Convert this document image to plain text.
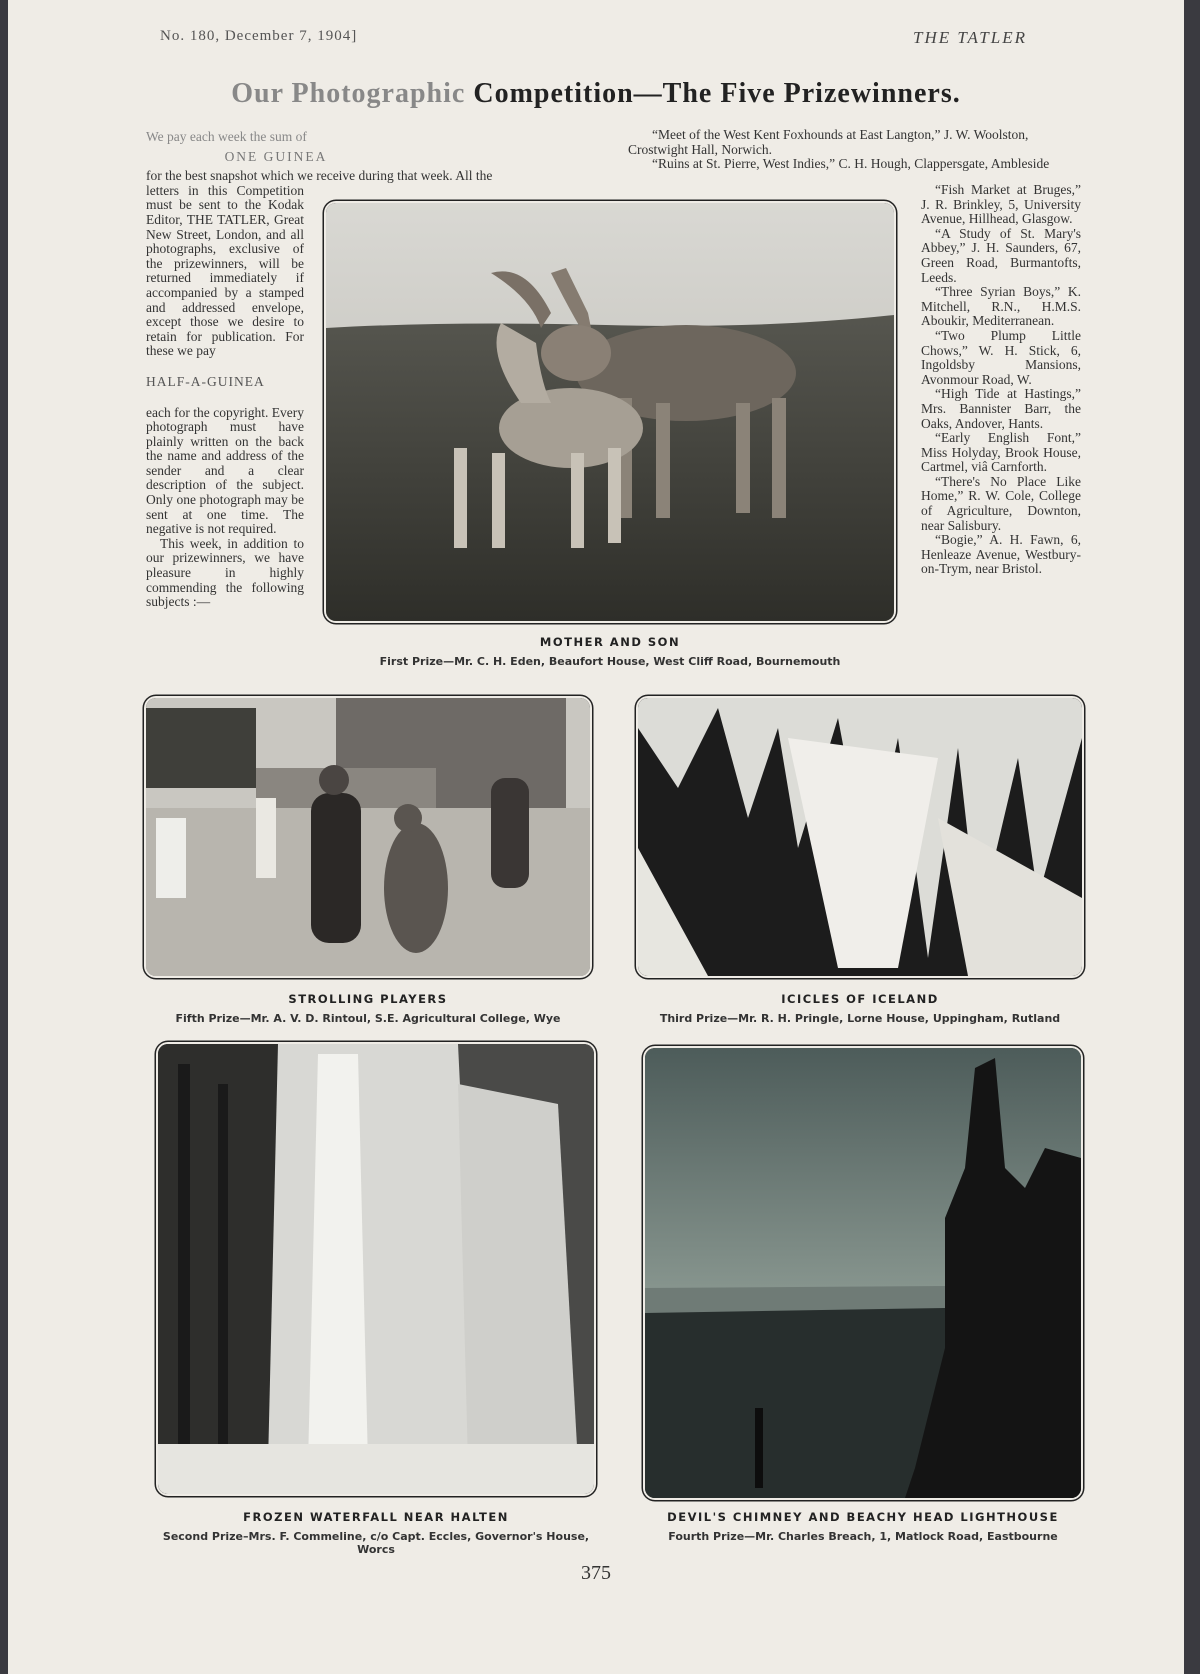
No. 180, December 7, 1904]	THE TATLER
Our Photographic Competition—The Five Prizewinners.

We pay each week the sum of

ONE GUINEA

for the best snapshot which we receive during that week. All the

letters in this Competition must be sent to the Kodak Editor, THE TATLER, Great New Street, London, and all photographs, exclusive of the prizewinners, will be returned immediately if accompanied by a stamped and addressed envelope, except those we desire to retain for publication. For these we pay

HALF-A-GUINEA

each for the copyright. Every photograph must have plainly written on the back the name and address of the sender and a clear description of the subject. Only one photograph may be sent at one time. The negative is not required.

This week, in addition to our prizewinners, we have pleasure in highly commending the following subjects :—

“Meet of the West Kent Foxhounds at East Langton,” J. W. Woolston, Crostwight Hall, Norwich.

“Ruins at St. Pierre, West Indies,” C. H. Hough, Clappersgate, Ambleside

“Fish Market at Bruges,” J. R. Brinkley, 5, University Avenue, Hillhead, Glasgow.

“A Study of St. Mary's Abbey,” J. H. Saunders, 67, Green Road, Burmantofts, Leeds.

“Three Syrian Boys,” K. Mitchell, R.N., H.M.S. Aboukir, Mediterranean.

“Two Plump Little Chows,” W. H. Stick, 6, Ingoldsby Mansions, Avonmour Road, W.

“High Tide at Hastings,” Mrs. Bannister Barr, the Oaks, Andover, Hants.

“Early English Font,” Miss Holyday, Brook House, Cartmel, viâ Carnforth.

“There's No Place Like Home,” R. W. Cole, College of Agriculture, Downton, near Salisbury.

“Bogie,” A. H. Fawn, 6, Henleaze Avenue, Westbury-on-Trym, near Bristol.

MOTHER AND SON
First Prize—Mr. C. H. Eden, Beaufort House, West Cliff Road, Bournemouth
STROLLING PLAYERS
Fifth Prize—Mr. A. V. D. Rintoul, S.E. Agricultural College, Wye
ICICLES OF ICELAND
Third Prize—Mr. R. H. Pringle, Lorne House, Uppingham, Rutland
FROZEN WATERFALL NEAR HALTEN
Second Prize–Mrs. F. Commeline, c/o Capt. Eccles, Governor's House, Worcs
DEVIL'S CHIMNEY AND BEACHY HEAD LIGHTHOUSE
Fourth Prize—Mr. Charles Breach, 1, Matlock Road, Eastbourne
375
